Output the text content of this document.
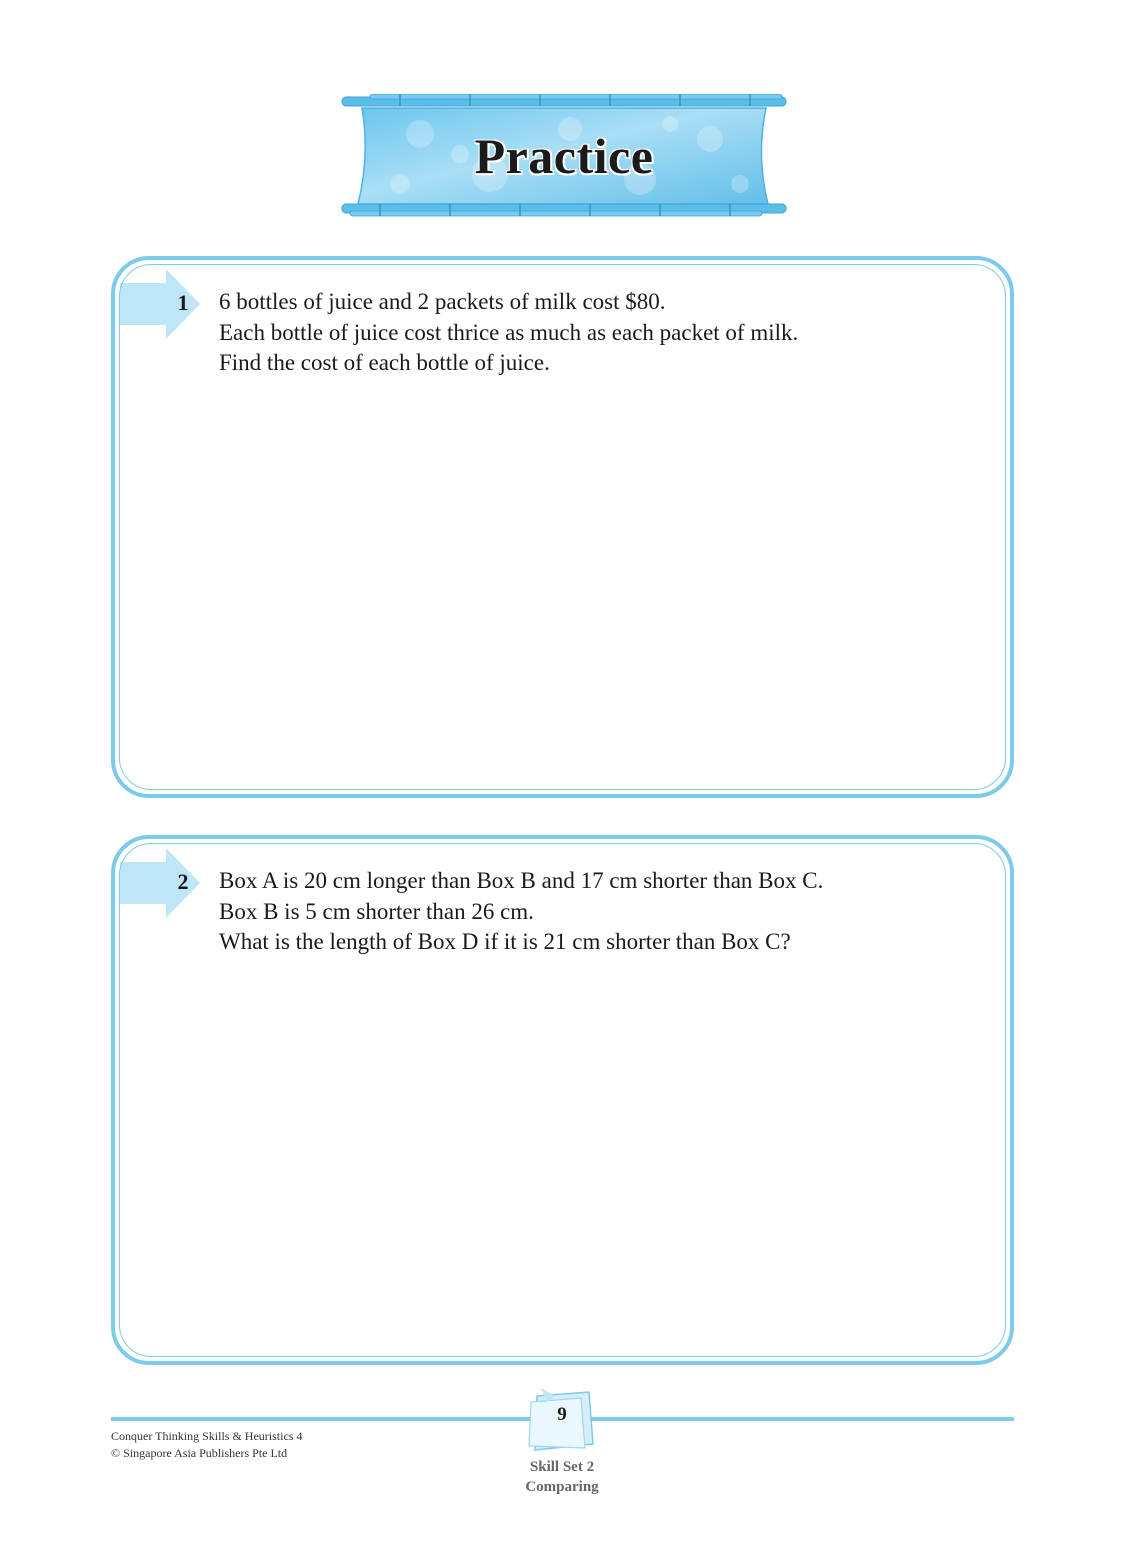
Practice
1 6 bottles of juice and 2 packets of milk cost $80.
Each bottle of juice cost thrice as much as each packet of milk.
Find the cost of each bottle of juice.
2 Box A is 20 cm longer than Box B and 17 cm shorter than Box C.
Box B is 5 cm shorter than 26 cm.
What is the length of Box D if it is 21 cm shorter than Box C?
Conquer Thinking Skills & Heuristics 4
© Singapore Asia Publishers Pte Ltd
9
Skill Set 2
Comparing
